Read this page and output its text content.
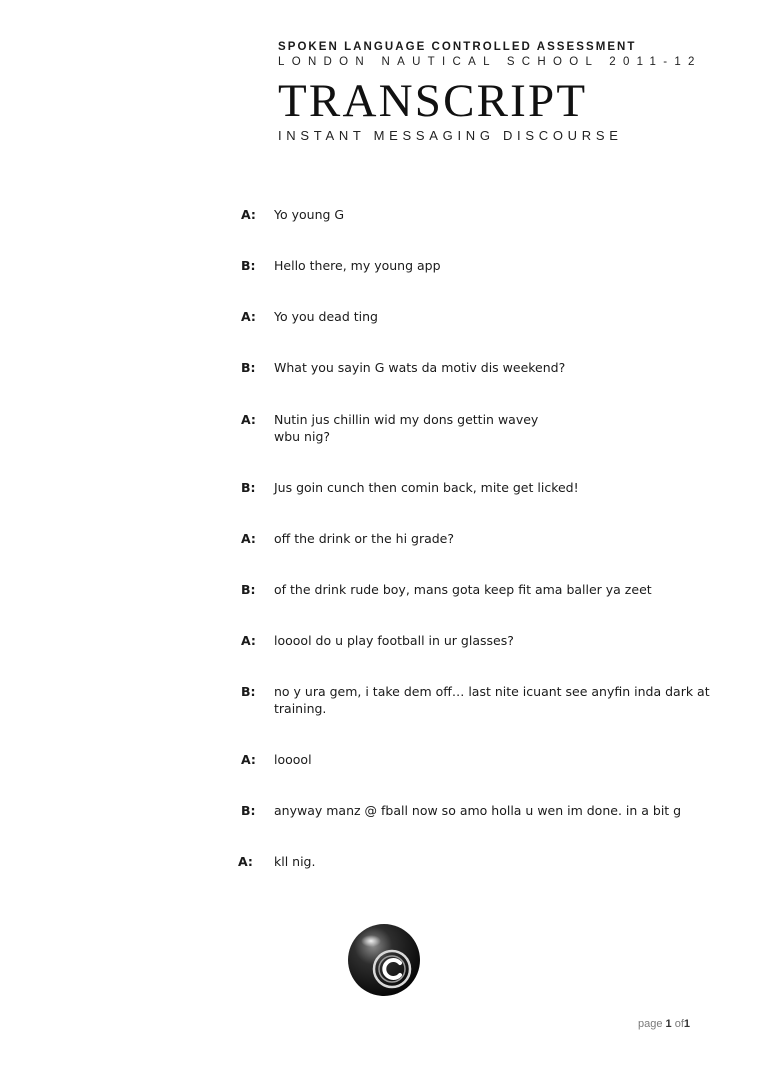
SPOKEN LANGUAGE CONTROLLED ASSESSMENT
LONDON NAUTICAL SCHOOL 2011-12
TRANSCRIPT
INSTANT MESSAGING DISCOURSE
A: Yo young G
B: Hello there, my young app
A: Yo you dead ting
B: What you sayin G wats da motiv dis weekend?
A: Nutin jus chillin wid my dons gettin wavey
wbu nig?
B: Jus goin cunch then comin back, mite get licked!
A: off the drink or the hi grade?
B: of the drink rude boy, mans gota keep fit ama baller ya zeet
A: looool do u play football in ur glasses?
B: no y ura gem, i take dem off… last nite icuant see anyfin inda dark at
training.
A: looool
B: anyway manz @ fball now so amo holla u wen im done. in a bit g
A: kll nig.
page 1 of1
